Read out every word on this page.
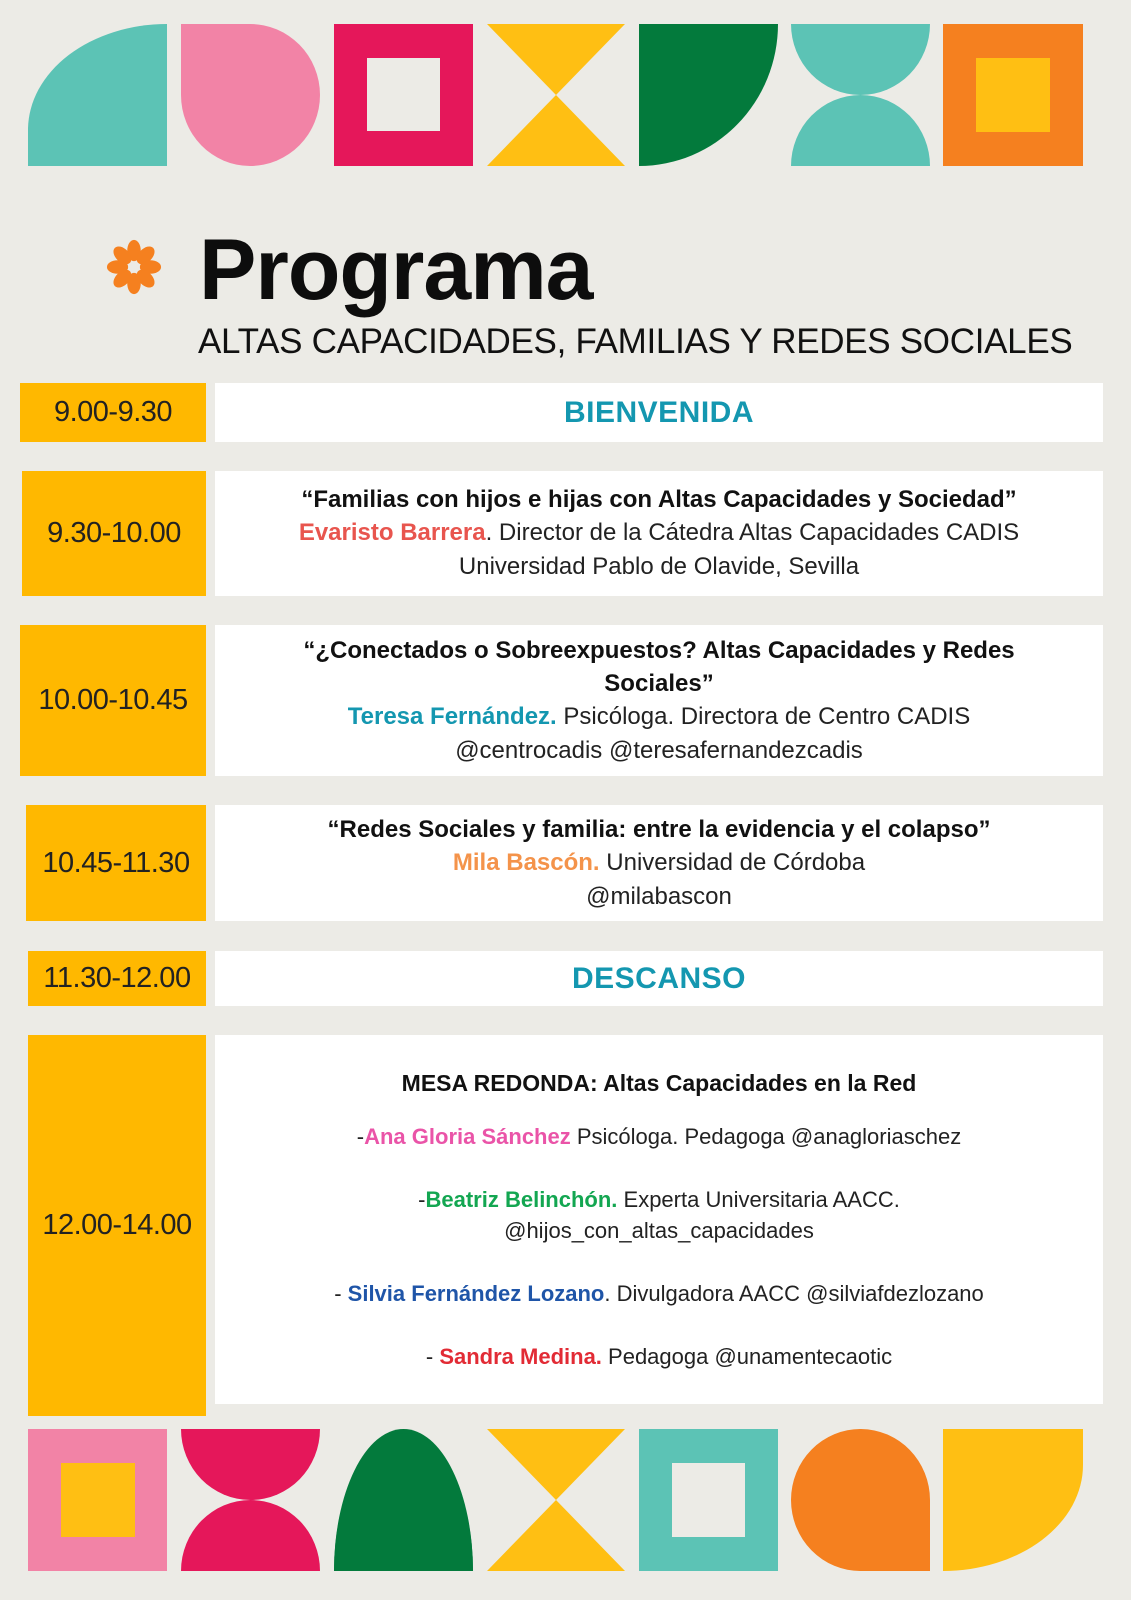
Programa
ALTAS CAPACIDADES, FAMILIAS Y REDES SOCIALES
9.00-9.30	BIENVENIDA
9.30-10.00
“Familias con hijos e hijas con Altas Capacidades y Sociedad”
Evaristo Barrera. Director de la Cátedra Altas Capacidades CADIS
Universidad Pablo de Olavide, Sevilla
10.00-10.45
“¿Conectados o Sobreexpuestos? Altas Capacidades y Redes Sociales”
Teresa Fernández. Psicóloga. Directora de Centro CADIS
@centrocadis @teresafernandezcadis
10.45-11.30
“Redes Sociales y familia: entre la evidencia y el colapso”
Mila Bascón. Universidad de Córdoba
@milabascon
11.30-12.00	DESCANSO
12.00-14.00
MESA REDONDA: Altas Capacidades en la Red
-Ana Gloria Sánchez Psicóloga. Pedagoga @anagloriaschez
-Beatriz Belinchón. Experta Universitaria AACC.
@hijos_con_altas_capacidades
- Silvia Fernández Lozano. Divulgadora AACC @silviafdezlozano
- Sandra Medina. Pedagoga @unamentecaotic
